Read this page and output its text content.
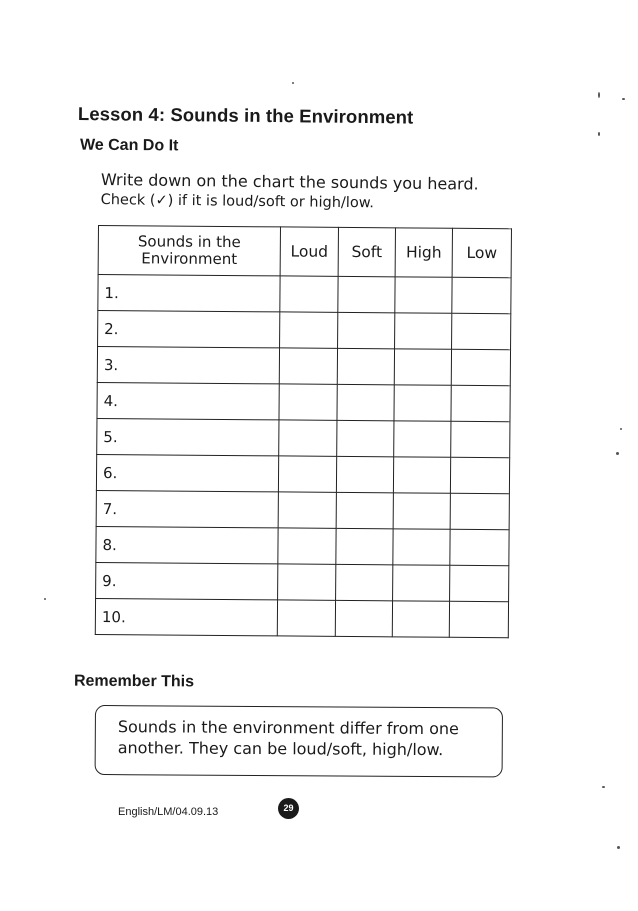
Lesson 4: Sounds in the Environment
We Can Do It
Write down on the chart the sounds you heard.
Check (✓) if it is loud/soft or high/low.
Sounds in the
Environment	Loud	Soft	High	Low
1.				
2.				
3.				
4.				
5.				
6.				
7.				
8.				
9.				
10.				
Remember This
Sounds in the environment differ from one
another. They can be loud/soft, high/low.
English/LM/04.09.13	29
